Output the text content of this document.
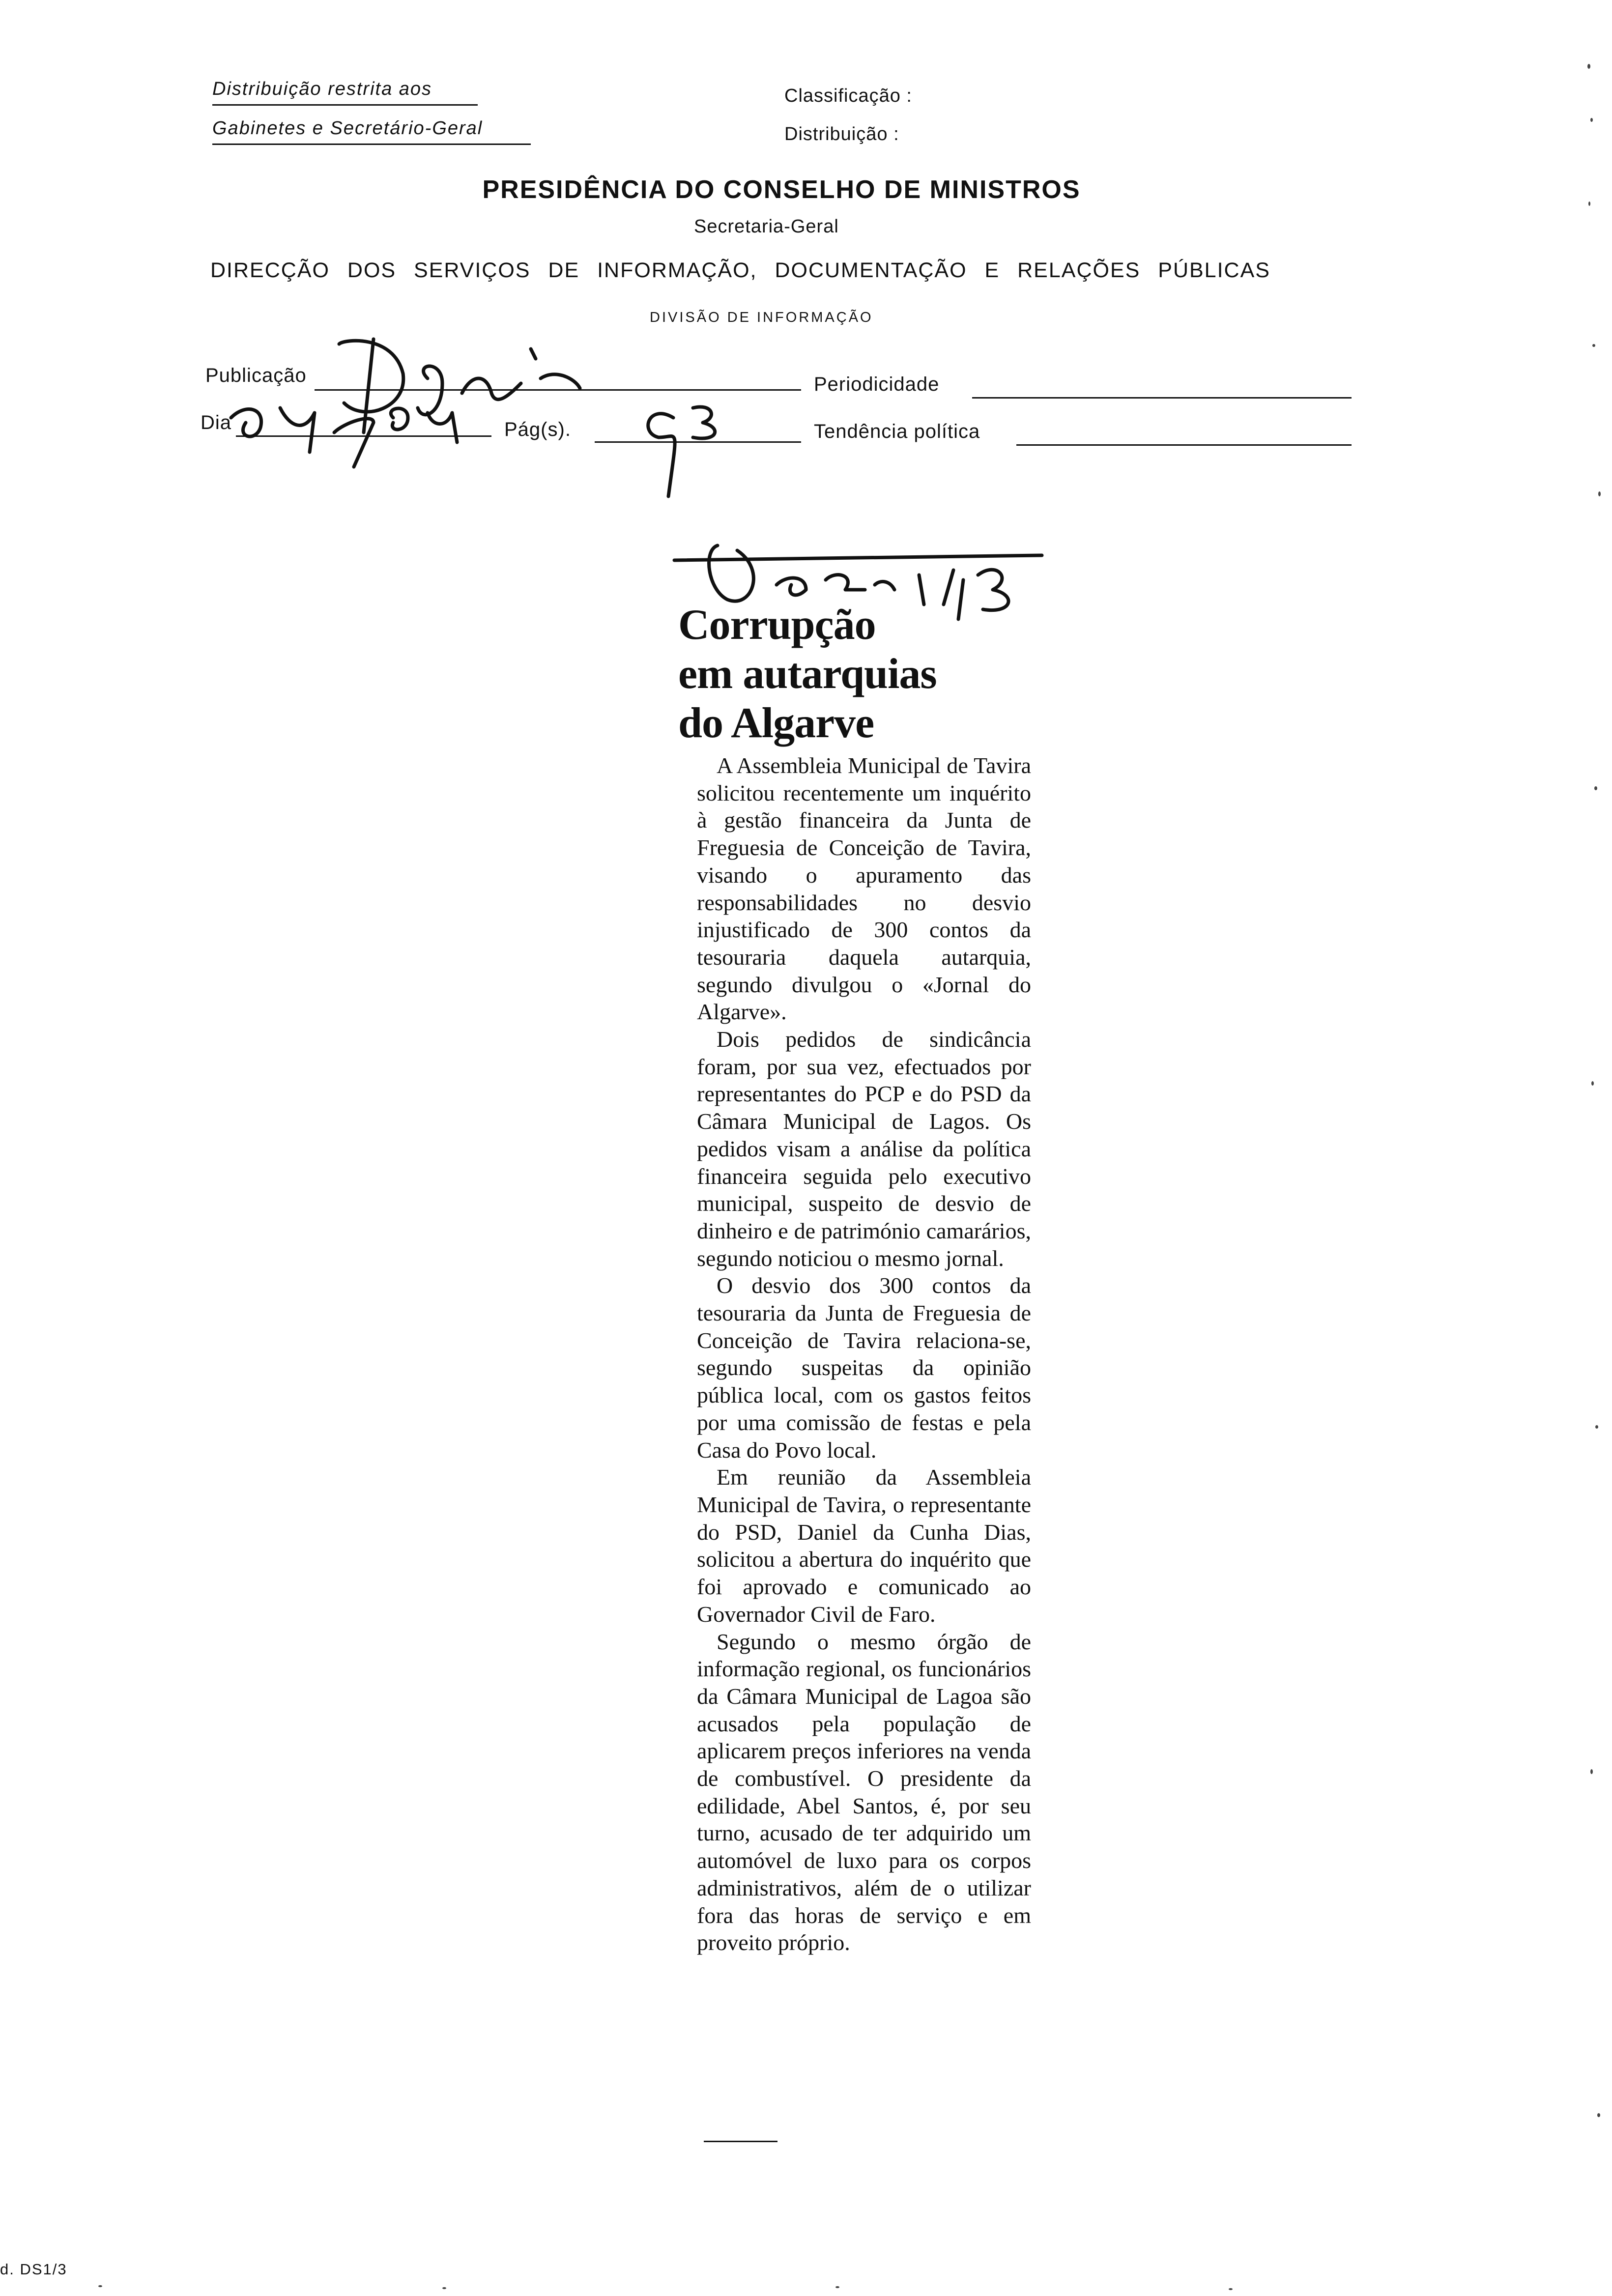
Distribuição restrita aos
Gabinetes e Secretário-Geral
Classificação :
Distribuição :
PRESIDÊNCIA DO CONSELHO DE MINISTROS
Secretaria-Geral
DIRECÇÃO DOS SERVIÇOS DE INFORMAÇÃO, DOCUMENTAÇÃO E RELAÇÕES PÚBLICAS
DIVISÃO DE INFORMAÇÃO
Publicação	Periodicidade
Dia	Pág(s).	Tendência política
Corrupção
em autarquias
do Algarve

A Assembleia Municipal de Tavira solicitou recentemente um inquérito à gestão financeira da Junta de Freguesia de Conceição de Tavira, visando o apuramento das responsabilidades no desvio injustificado de 300 contos da tesouraria daquela autarquia, segundo divulgou o «Jornal do Algarve».

Dois pedidos de sindicância foram, por sua vez, efectuados por representantes do PCP e do PSD da Câmara Municipal de Lagos. Os pedidos visam a análise da política financeira seguida pelo executivo municipal, suspeito de desvio de dinheiro e de património camarários, segundo noticiou o mesmo jornal.

O desvio dos 300 contos da tesouraria da Junta de Freguesia de Conceição de Tavira relaciona-se, segundo suspeitas da opinião pública local, com os gastos feitos por uma comissão de festas e pela Casa do Povo local.

Em reunião da Assembleia Municipal de Tavira, o representante do PSD, Daniel da Cunha Dias, solicitou a abertura do inquérito que foi aprovado e comunicado ao Governador Civil de Faro.

Segundo o mesmo órgão de informação regional, os funcionários da Câmara Municipal de Lagoa são acusados pela população de aplicarem preços inferiores na venda de combustível. O presidente da edilidade, Abel Santos, é, por seu turno, acusado de ter adquirido um automóvel de luxo para os corpos administrativos, além de o utilizar fora das horas de serviço e em proveito próprio.

d. DS1/3
